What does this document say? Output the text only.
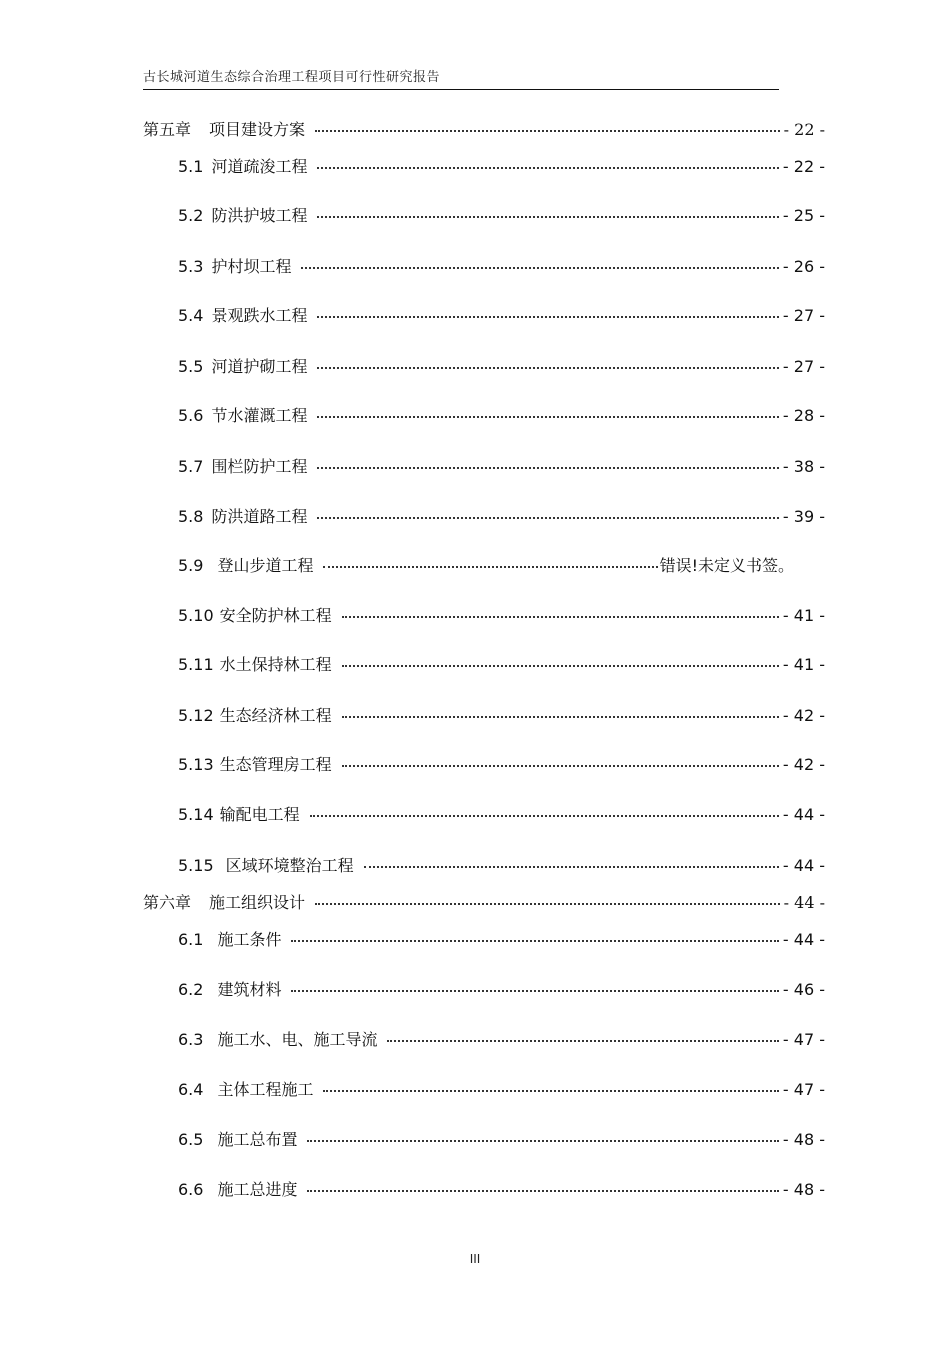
古长城河道生态综合治理工程项目可行性研究报告
第五章 项目建设方案	- 22 -
5.1 河道疏浚工程	- 22 -
5.2 防洪护坡工程	- 25 -
5.3 护村坝工程	- 26 -
5.4 景观跌水工程	- 27 -
5.5 河道护砌工程	- 27 -
5.6 节水灌溉工程	- 28 -
5.7 围栏防护工程	- 38 -
5.8 防洪道路工程	- 39 -
5.9 登山步道工程	错误!未定义书签。
5.10 安全防护林工程	- 41 -
5.11 水土保持林工程	- 41 -
5.12 生态经济林工程	- 42 -
5.13 生态管理房工程	- 42 -
5.14 输配电工程	- 44 -
5.15 区域环境整治工程	- 44 -
第六章 施工组织设计	- 44 -
6.1 施工条件	- 44 -
6.2 建筑材料	- 46 -
6.3 施工水、电、施工导流	- 47 -
6.4 主体工程施工	- 47 -
6.5 施工总布置	- 48 -
6.6 施工总进度	- 48 -
III
